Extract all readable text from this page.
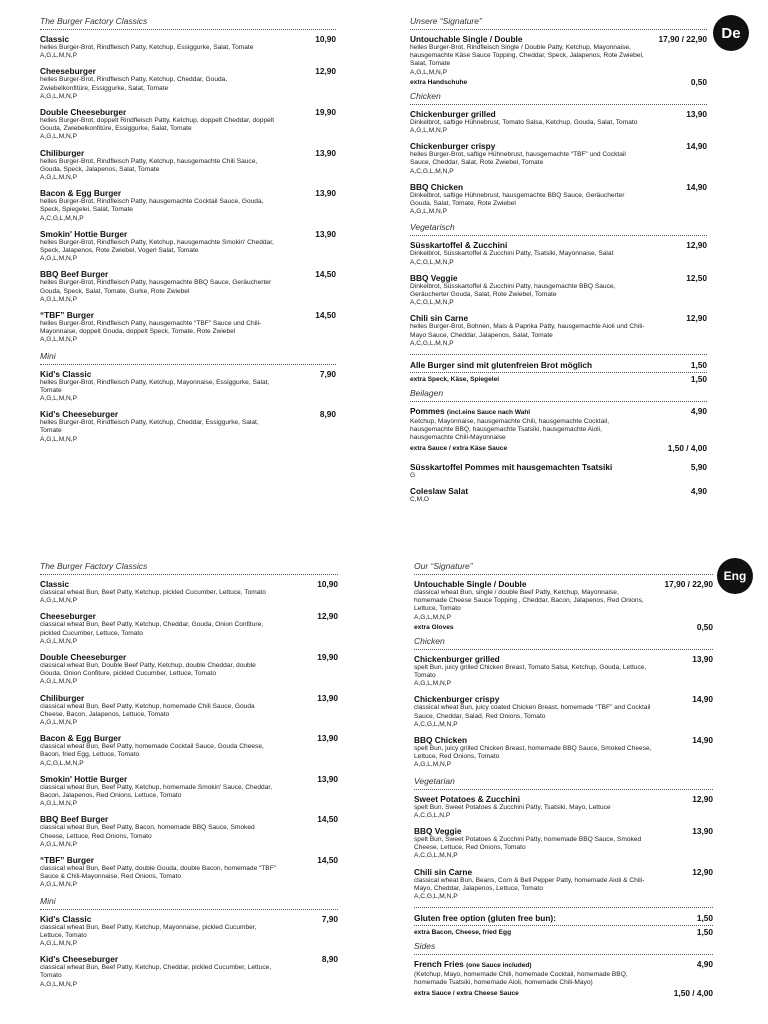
The Burger Factory Classics
Classic	10,90
helles Burger-Brot, Rindfleisch Patty, Ketchup, Essiggurke, Salat, Tomate
A,G,L,M,N,P
Cheeseburger	12,90
helles Burger-Brot, Rindfleisch Patty, Ketchup, Cheddar, Gouda, Zwiebelkonfitüre, Essiggurke, Salat, Tomate
A,G,L,M,N,P
Double Cheeseburger	19,90
helles Burger-Brot, doppelt Rindfleisch Patty, Ketchup, doppelt Cheddar, doppelt Gouda, Zwiebelkonfitüre, Essiggurke, Salat, Tomate
A,G,L,M,N,P
Chiliburger	13,90
helles Burger-Brot, Rindfleisch Patty, Ketchup, hausgemachte Chili Sauce, Gouda, Speck, Jalapenos, Salat, Tomate
A,G,L,M,N,P
Bacon & Egg Burger	13,90
helles Burger-Brot, Rindfleisch Patty, hausgemachte Cocktail Sauce, Gouda, Speck, Spiegelei, Salat, Tomate
A,C,G,L,M,N,P
Smokin' Hottie Burger	13,90
helles Burger-Brot, Rindfleisch Patty, Ketchup, hausgemachte Smokin' Cheddar, Speck, Jalapenos, Rote Zwiebel, Vogerl Salat, Tomate
A,G,L,M,N,P
BBQ Beef Burger	14,50
helles Burger-Brot, Rindfleisch Patty, hausgemachte BBQ Sauce, Geräucherter Gouda, Speck, Salat, Tomate, Gurke, Rote Zwiebel
A,G,L,M,N,P
“TBF” Burger	14,50
helles Burger-Brot, Rindfleisch Patty, hausgemachte “TBF” Sauce und Chili-Mayonnaise, doppelt Gouda, doppelt Speck, Tomate, Rote Zwiebel
A,G,L,M,N,P
Mini
Kid's Classic	7,90
helles Burger-Brot, Rindfleisch Patty, Ketchup, Mayonnaise, Essiggurke, Salat, Tomate
A,G,L,M,N,P
Kid's Cheeseburger	8,90
helles Burger-Brot, Rindfleisch Patty, Ketchup, Cheddar, Essiggurke, Salat, Tomate
A,G,L,M,N,P
Unsere “Signature”
Untouchable Single / Double	17,90 / 22,90
helles Burger-Brot, Rindfleisch Single / Double Patty, Ketchup, Mayonnaise, hausgemachte Käse Sauce Topping, Cheddar, Speck, Jalapenos, Rote Zwiebel, Salat, Tomate
A,G,L,M,N,P
extra Handschuhe	0,50
Chicken
Chickenburger grilled	13,90
Dinkelbrot, saftige Hühnebrust, Tomato Salsa, Ketchup, Gouda, Salat, Tomato
A,G,L,M,N,P
Chickenburger crispy	14,90
helles Burger-Brot, saftige Hühnebrust, hausgemachte “TBF” und Cocktail Sauce, Cheddar, Salat, Rote Zwiebel, Tomate
A,C,G,L,M,N,P
BBQ Chicken	14,90
Dinkelbrot, saftige Hühnebrust, hausgemachte BBQ Sauce, Geräucherter Gouda, Salat, Tomate, Rote Zwiebel
A,G,L,M,N,P
Vegetarisch
Süsskartoffel & Zucchini	12,90
Dinkelbrot, Süsskartoffel & Zucchini Patty, Tsatsiki, Mayonnaise, Salat
A,C,G,L,M,N,P
BBQ Veggie	12,50
Dinkelbrot, Süsskartoffel & Zucchini Patty, hausgemachte BBQ Sauce, Geräucherter Gouda, Salat, Rote Zwiebel, Tomate
A,C,G,L,M,N,P
Chili sin Carne	12,90
helles Burger-Brot, Bohnen, Mais & Paprika Patty, hausgemachte Aioli und Chili-Mayo Sauce, Cheddar, Jalapenos, Salat, Tomate
A,C,G,L,M,N,P
Alle Burger sind mit glutenfreien Brot möglich	1,50
extra Speck, Käse, Spiegelei	1,50
Beilagen
Pommes (incl.eine Sauce nach Wahl	4,90
Ketchup, Mayonnaise, hausgemachte Chili, hausgemachte Cocktail, hausgemachte BBQ, hausgemachte Tsatsiki, hausgemachte Aioli, hausgemachte Chili-Mayonnaise
extra Sauce / extra Käse Sauce	1,50 / 4,00
Süsskartoffel Pommes mit hausgemachten Tsatsiki	5,90
G
Coleslaw Salat	4,90
C,M,O
De
The Burger Factory Classics
Classic	10,90
classical wheat Bun, Beef Patty, Ketchup, pickled Cucumber, Lettuce, Tomato
A,G,L,M,N,P
Cheeseburger	12,90
classical wheat Bun, Beef Patty, Ketchup, Cheddar, Gouda, Onion Confiture, pickled Cucumber, Lettuce, Tomato
A,G,L,M,N,P
Double Cheeseburger	19,90
classical wheat Bun, Double Beef Patty, Ketchup, double Cheddar, double Gouda, Onion Confiture, pickled Cucumber, Lettuce, Tomato
A,G,L,M,N,P
Chiliburger	13,90
classical wheat Bun, Beef Patty, Ketchup, homemade Chili Sauce, Gouda Cheese, Bacon, Jalapenos, Lettuce, Tomato
A,G,L,M,N,P
Bacon & Egg Burger	13,90
classical wheat Bun, Beef Patty, homemade Cocktail Sauce, Gouda Cheese, Bacon, fried Egg, Lettuce, Tomato
A,C,G,L,M,N,P
Smokin' Hottie Burger	13,90
classical wheat Bun, Beef Patty, Ketchup, homemade Smokin' Sauce, Cheddar, Bacon, Jalapenos, Red Onions, Lettuce, Tomato
A,G,L,M,N,P
BBQ Beef Burger	14,50
classical wheat Bun, Beef Patty, Bacon, homemade BBQ Sauce, Smoked Cheese, Lettuce, Red Onions, Tomato
A,G,L,M,N,P
“TBF” Burger	14,50
classical wheat Bun, Beef Patty, double Gouda, double Bacon, homemade “TBF” Sauce & Chili-Mayonnaise, Red Onions, Tomato
A,G,L,M,N,P
Mini
Kid's Classic	7,90
classical wheat Bun, Beef Patty, Ketchup, Mayonnaise, pickled Cucumber, Lettuce, Tomato
A,G,L,M,N,P
Kid's Cheeseburger	8,90
classical wheat Bun, Beef Patty, Ketchup, Cheddar, pickled Cucumber, Lettuce, Tomato
A,G,L,M,N,P
Our “Signature”
Untouchable Single / Double	17,90 / 22,90
classical wheat Bun, single / double Beef Patty, Ketchup, Mayonnaise, homemade Cheese Sauce Topping , Cheddar, Bacon, Jalapenos, Red Onions, Lettuce, Tomato
A,G,L,M,N,P
extra Gloves	0,50
Chicken
Chickenburger grilled	13,90
spelt Bun, juicy grilled Chicken Breast, Tomato Salsa, Ketchup, Gouda, Lettuce, Tomato
A,G,L,M,N,P
Chickenburger crispy	14,90
classical wheat Bun, juicy coated Chicken Breast, homemade “TBF” and Cocktail Sauce, Cheddar, Salad, Red Onions, Tomato
A,C,G,L,M,N,P
BBQ Chicken	14,90
spelt Bun, juicy grilled Chicken Breast, homemade BBQ Sauce, Smoked Cheese, Lettuce, Red Onions, Tomato
A,G,L,M,N,P
Vegetarian
Sweet Potatoes & Zucchini	12,90
spelt Bun, Sweet Potatoes & Zucchini Patty, Tsatsiki, Mayo, Lettuce
A,C,G,L,N,P
BBQ Veggie	13,90
spelt Bun, Sweet Potatoes & Zucchini Patty, homemade BBQ Sauce, Smoked Cheese, Lettuce, Red Onions, Tomato
A,C,G,L,M,N,P
Chili sin Carne	12,90
classical wheat Bun, Beans, Corn & Bell Pepper Patty, homemade Aioli & Chili-Mayo, Cheddar, Jalapenos, Lettuce, Tomato
A,C,G,L,M,N,P
Gluten free option (gluten free bun):	1,50
extra Bacon, Cheese, fried Egg	1,50
Sides
French Fries (one Sauce included)	4,90
(Ketchup, Mayo, homemade Chili, homemade Cocktail, homemade BBQ, homemade Tsatsiki, homemade Aioli, homemade Chili-Mayo)
extra Sauce / extra Cheese Sauce	1,50 / 4,00
Eng
